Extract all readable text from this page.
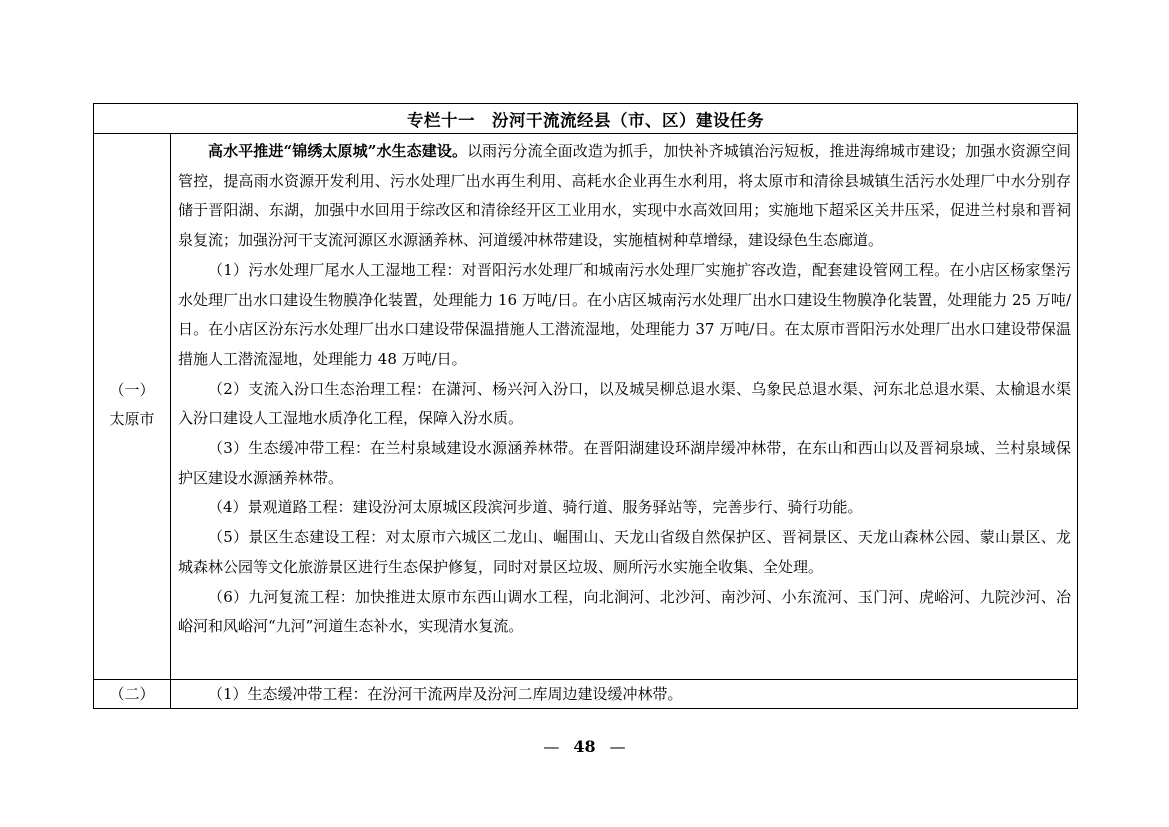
专栏十一　汾河干流流经县（市、区）建设任务
（一）
太原市

高水平推进“锦绣太原城”水生态建设。以雨污分流全面改造为抓手，加快补齐城镇治污短板，推进海绵城市建设；加强水资源空间管控，提高雨水资源开发利用、污水处理厂出水再生利用、高耗水企业再生水利用，将太原市和清徐县城镇生活污水处理厂中水分别存储于晋阳湖、东湖，加强中水回用于综改区和清徐经开区工业用水，实现中水高效回用；实施地下超采区关井压采，促进兰村泉和晋祠泉复流；加强汾河干支流河源区水源涵养林、河道缓冲林带建设，实施植树种草增绿，建设绿色生态廊道。

（1）污水处理厂尾水人工湿地工程：对晋阳污水处理厂和城南污水处理厂实施扩容改造，配套建设管网工程。在小店区杨家堡污水处理厂出水口建设生物膜净化装置，处理能力 16 万吨/日。在小店区城南污水处理厂出水口建设生物膜净化装置，处理能力 25 万吨/日。在小店区汾东污水处理厂出水口建设带保温措施人工潜流湿地，处理能力 37 万吨/日。在太原市晋阳污水处理厂出水口建设带保温措施人工潜流湿地，处理能力 48 万吨/日。

（2）支流入汾口生态治理工程：在潇河、杨兴河入汾口，以及城吴柳总退水渠、乌象民总退水渠、河东北总退水渠、太榆退水渠入汾口建设人工湿地水质净化工程，保障入汾水质。

（3）生态缓冲带工程：在兰村泉域建设水源涵养林带。在晋阳湖建设环湖岸缓冲林带，在东山和西山以及晋祠泉域、兰村泉域保护区建设水源涵养林带。

（4）景观道路工程：建设汾河太原城区段滨河步道、骑行道、服务驿站等，完善步行、骑行功能。

（5）景区生态建设工程：对太原市六城区二龙山、崛围山、天龙山省级自然保护区、晋祠景区、天龙山森林公园、蒙山景区、龙城森林公园等文化旅游景区进行生态保护修复，同时对景区垃圾、厕所污水实施全收集、全处理。

（6）九河复流工程：加快推进太原市东西山调水工程，向北涧河、北沙河、南沙河、小东流河、玉门河、虎峪河、九院沙河、冶峪河和风峪河“九河”河道生态补水，实现清水复流。

（二）	（1）生态缓冲带工程：在汾河干流两岸及汾河二库周边建设缓冲林带。

— 48 —
